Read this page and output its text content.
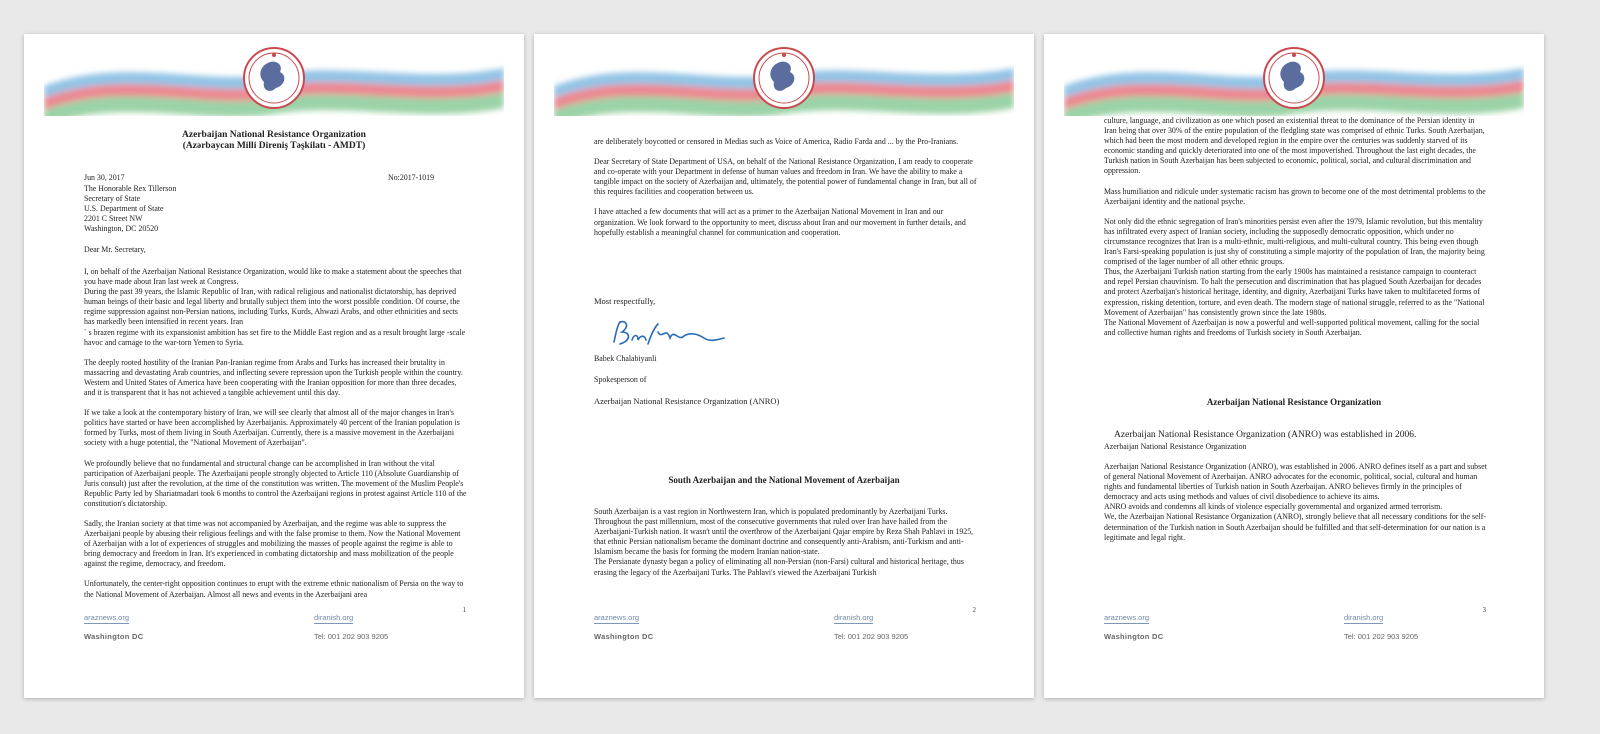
Azerbaijan National Resistance Organization
(Azərbaycan Milli Direniş Təşkilatı - AMDT)
Jun 30, 2017	No:2017-1019
The Honorable Rex Tillerson
Secretary of State
U.S. Department of State
2201 C Street NW
Washington, DC 20520
Dear Mr. Secretary,

I, on behalf of the Azerbaijan National Resistance Organization, would like to make a statement about the speeches that you have made about Iran last week at Congress.
During the past 39 years, the Islamic Republic of Iran, with radical religious and nationalist dictatorship, has deprived human beings of their basic and legal liberty and brutally subject them into the worst possible condition. Of course, the regime suppression against non-Persian nations, including Turks, Kurds, Ahwazi Arabs, and other ethnicities and sects has markedly been intensified in recent years. Iran
` s brazen regime with its expansionist ambition has set fire to the Middle East region and as a result brought large -scale havoc and carnage to the war-torn Yemen to Syria.

The deeply rooted hostility of the Iranian Pan-Iranian regime from Arabs and Turks has increased their brutality in massacring and devastating Arab countries, and inflecting severe repression upon the Turkish people within the country.
Western and United States of America have been cooperating with the Iranian opposition for more than three decades, and it is transparent that it has not achieved a tangible achievement until this day.

If we take a look at the contemporary history of Iran, we will see clearly that almost all of the major changes in Iran's politics have started or have been accomplished by Azerbaijanis. Approximately 40 percent of the Iranian population is formed by Turks, most of them living in South Azerbaijan. Currently, there is a massive movement in the Azerbaijani society with a huge potential, the "National Movement of Azerbaijan".

We profoundly believe that no fundamental and structural change can be accomplished in Iran without the vital participation of Azerbaijani people. The Azerbaijani people strongly objected to Article 110 (Absolute Guardianship of Juris consult) just after the revolution, at the time of the constitution was written. The movement of the Muslim People's Republic Party led by Shariatmadari took 6 months to control the Azerbaijani regions in protest against Article 110 of the constitution's dictatorship.

Sadly, the Iranian society at that time was not accompanied by Azerbaijan, and the regime was able to suppress the Azerbaijani people by abusing their religious feelings and with the false promise to them. Now the National Movement of Azerbaijan with a lot of experiences of struggles and mobilizing the masses of people against the regime is able to bring democracy and freedom in Iran. It's experienced in combating dictatorship and mass mobilization of the people against the regime, democracy, and freedom.

Unfortunately, the center-right opposition continues to erupt with the extreme ethnic nationalism of Persia on the way to the National Movement of Azerbaijan. Almost all news and events in the Azerbaijani area

1
araznews.org	diranish.org
Washington DC	Tel: 001 202 903 9205

are deliberately boycotted or censored in Medias such as Voice of America, Radio Farda and ... by the Pro-Iranians.

Dear Secretary of State Department of USA, on behalf of the National Resistance Organization, I am ready to cooperate and co-operate with your Department in defense of human values and freedom in Iran. We have the ability to make a tangible impact on the society of Azerbaijan and, ultimately, the potential power of fundamental change in Iran, but all of this requires facilities and cooperation between us.

I have attached a few documents that will act as a primer to the Azerbaijan National Movement in Iran and our organization. We look forward to the opportunity to meet, discuss about Iran and our movement in further details, and hopefully establish a meaningful channel for communication and cooperation.

Most respectfully,
Babek Chalabiyanli
Spokesperson of
Azerbaijan National Resistance Organization (ANRO)
South Azerbaijan and the National Movement of Azerbaijan

South Azerbaijan is a vast region in Northwestern Iran, which is populated predominantly by Azerbaijani Turks. Throughout the past millennium, most of the consecutive governments that ruled over Iran have hailed from the Azerbaijani-Turkish nation. It wasn't until the overthrow of the Azerbaijani Qajar empire by Reza Shah Pahlavi in 1925, that ethnic Persian nationalism became the dominant doctrine and consequently anti-Arabism, anti-Turkism and anti-Islamism became the basis for forming the modern Iranian nation-state.
The Persianate dynasty began a policy of eliminating all non-Persian (non-Farsi) cultural and historical heritage, thus erasing the legacy of the Azerbaijani Turks. The Pahlavi's viewed the Azerbaijani Turkish

2
araznews.org	diranish.org
Washington DC	Tel: 001 202 903 9205

culture, language, and civilization as one which posed an existential threat to the dominance of the Persian identity in Iran being that over 30% of the entire population of the fledgling state was comprised of ethnic Turks. South Azerbaijan, which had been the most modern and developed region in the empire over the centuries was suddenly starved of its economic standing and quickly deteriorated into one of the most impoverished. Throughout the last eight decades, the Turkish nation in South Azerbaijan has been subjected to economic, political, social, and cultural discrimination and oppression.

Mass humiliation and ridicule under systematic racism has grown to become one of the most detrimental problems to the Azerbaijani identity and the national psyche.

Not only did the ethnic segregation of Iran's minorities persist even after the 1979, Islamic revolution, but this mentality has infiltrated every aspect of Iranian society, including the supposedly democratic opposition, which under no circumstance recognizes that Iran is a multi-ethnic, multi-religious, and multi-cultural country. This being even though Iran's Farsi-speaking population is just shy of constituting a simple majority of the population of Iran, the majority being comprised of the lager number of all other ethnic groups.
Thus, the Azerbaijani Turkish nation starting from the early 1900s has maintained a resistance campaign to counteract and repel Persian chauvinism. To halt the persecution and discrimination that has plagued South Azerbaijan for decades and protect Azerbaijan's historical heritage, identity, and dignity, Azerbaijani Turks have taken to multifaceted forms of expression, risking detention, torture, and even death. The modern stage of national struggle, referred to as the "National Movement of Azerbaijan" has consistently grown since the late 1980s.
The National Movement of Azerbaijan is now a powerful and well-supported political movement, calling for the social and collective human rights and freedoms of Turkish society in South Azerbaijan.

Azerbaijan National Resistance Organization
Azerbaijan National Resistance Organization (ANRO) was established in 2006.
Azerbaijan National Resistance Organization
Azerbaijan National Resistance Organization (ANRO), was established in 2006. ANRO defines itself as a part and subset of general National Movement of Azerbaijan. ANRO advocates for the economic, political, social, cultural and human rights and fundamental liberties of Turkish nation in South Azerbaijan. ANRO believes firmly in the principles of democracy and acts using methods and values of civil disobedience to achieve its aims.
ANRO avoids and condemns all kinds of violence especially governmental and organized armed terrorism.
We, the Azerbaijan National Resistance Organization (ANRO), strongly believe that all necessary conditions for the self-determination of the Turkish nation in South Azerbaijan should be fulfilled and that self-determination for our nation is a legitimate and legal right.
3
araznews.org	diranish.org
Washington DC	Tel: 001 202 903 9205
